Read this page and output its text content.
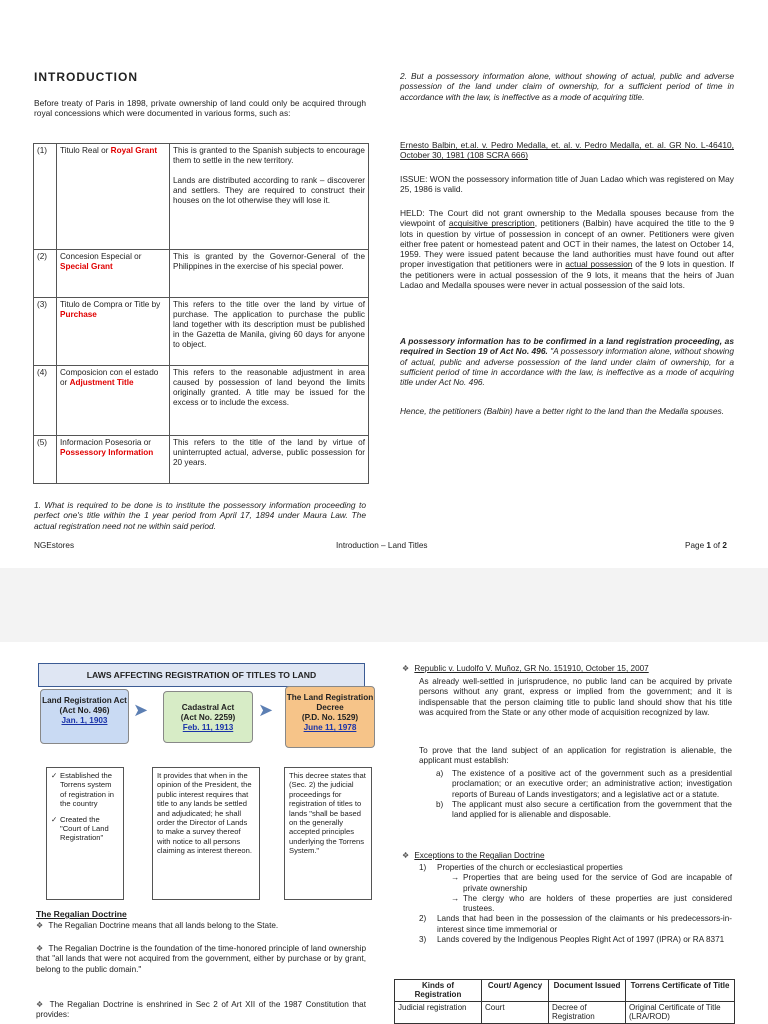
INTRODUCTION

Before treaty of Paris in 1898, private ownership of land could only be acquired through royal concessions which were documented in various forms, such as:

(1)	Titulo Real or Royal Grant	This is granted to the Spanish subjects to encourage them to settle in the new territory.
Lands are distributed according to rank – discoverer and settlers. They are required to construct their houses on the lot otherwise they will lose it.

(2)	Concesion Especial or Special Grant	This is granted by the Governor-General of the Philippines in the exercise of his special power.
(3)	Titulo de Compra or Title by Purchase	This refers to the title over the land by virtue of purchase. The application to purchase the public land together with its description must be published in the Gazetta de Manila, giving 60 days for anyone to object.
(4)	Composicion con el estado or Adjustment Title	This refers to the reasonable adjustment in area caused by possession of land beyond the limits originally granted. A title may be issued for the excess or to include the excess.
(5)	Informacion Posesoria or Possessory Information	This refers to the title of the land by virtue of uninterrupted actual, adverse, public possession for 20 years.

1. What is required to be done is to institute the possessory information proceeding to perfect one's title within the 1 year period from April 17, 1894 under Maura Law. The actual registration need not ne within said period.

2. But a possessory information alone, without showing of actual, public and adverse possession of the land under claim of ownership, for a sufficient period of time in accordance with the law, is ineffective as a mode of acquiring title.

Ernesto Balbin, et.al. v. Pedro Medalla, et. al. v. Pedro Medalla, et. al. GR No. L-46410, October 30, 1981 (108 SCRA 666)

ISSUE: WON the possessory information title of Juan Ladao which was registered on May 25, 1986 is valid.

HELD: The Court did not grant ownership to the Medalla spouses because from the viewpoint of acquisitive prescription, petitioners (Balbin) have acquired the title to the 9 lots in question by virtue of possession in concept of an owner. Petitioners were given either free patent or homestead patent and OCT in their names, the latest on October 14, 1959. They were issued patent because the land authorities must have found out after proper investigation that petitioners were in actual possession of the 9 lots in question. If the petitioners were in actual possession of the 9 lots, it means that the heirs of Juan Ladao and Medalla spouses were never in actual possession of the said lots.

A possessory information has to be confirmed in a land registration proceeding, as required in Section 19 of Act No. 496. "A possessory information alone, without showing of actual, public and adverse possession of the land under claim of ownership, for a sufficient period of time in accordance with the law, is ineffective as a mode of acquiring title under Act No. 496.

Hence, the petitioners (Balbin) have a better right to the land than the Medalla spouses.

NGEstores	Introduction – Land Titles	Page 1 of 2
LAWS AFFECTING REGISTRATION OF TITLES TO LAND
Land Registration Act
(Act No. 496)
Jan. 1, 1903
➤	Cadastral Act
(Act No. 2259)
Feb. 11, 1913
➤
The Land Registration Decree
(P.D. No. 1529)
June 11, 1978
✓ Established the Torrens system of registration in the country
✓ Created the "Court of Land Registration"
It provides that when in the opinion of the President, the public interest requires that title to any lands be settled and adjudicated; he shall order the Director of Lands to make a survey thereof with notice to all persons claiming as interest thereon.
This decree states that (Sec. 2) the judicial proceedings for registration of titles to lands "shall be based on the generally accepted principles underlying the Torrens System."
The Regalian Doctrine
❖ The Regalian Doctrine means that all lands belong to the State.
❖ The Regalian Doctrine is the foundation of the time-honored principle of land ownership that "all lands that were not acquired from the government, either by purchase or by grant, belong to the public domain."
❖ The Regalian Doctrine is enshrined in Sec 2 of Art XII of the 1987 Constitution that provides:
❖ Republic v. Ludolfo V. Muñoz, GR No. 151910, October 15, 2007
As already well-settled in jurisprudence, no public land can be acquired by private persons without any grant, express or implied from the government; and it is indispensable that the person claiming title to public land should show that his title was acquired from the State or any other mode of acquisition recognized by law.
To prove that the land subject of an application for registration is alienable, the applicant must establish:
a) The existence of a positive act of the government such as a presidential proclamation; or an executive order; an administrative action; investigation reports of Bureau of Lands investigators; and a legislative act or a statute.
b) The applicant must also secure a certification from the government that the land applied for is alienable and disposable.
❖ Exceptions to the Regalian Doctrine
1) Properties of the church or ecclesiastical properties
→ Properties that are being used for the service of God are incapable of private ownership
→ The clergy who are holders of these properties are just considered trustees.
2) Lands that had been in the possession of the claimants or his predecessors-in-interest since time immemorial or
3) Lands covered by the Indigenous Peoples Right Act of 1997 (IPRA) or RA 8371
Kinds of Registration	Court/ Agency	Document Issued	Torrens Certificate of Title
Judicial registration	Court	Decree of Registration	Original Certificate of Title (LRA/ROD)
